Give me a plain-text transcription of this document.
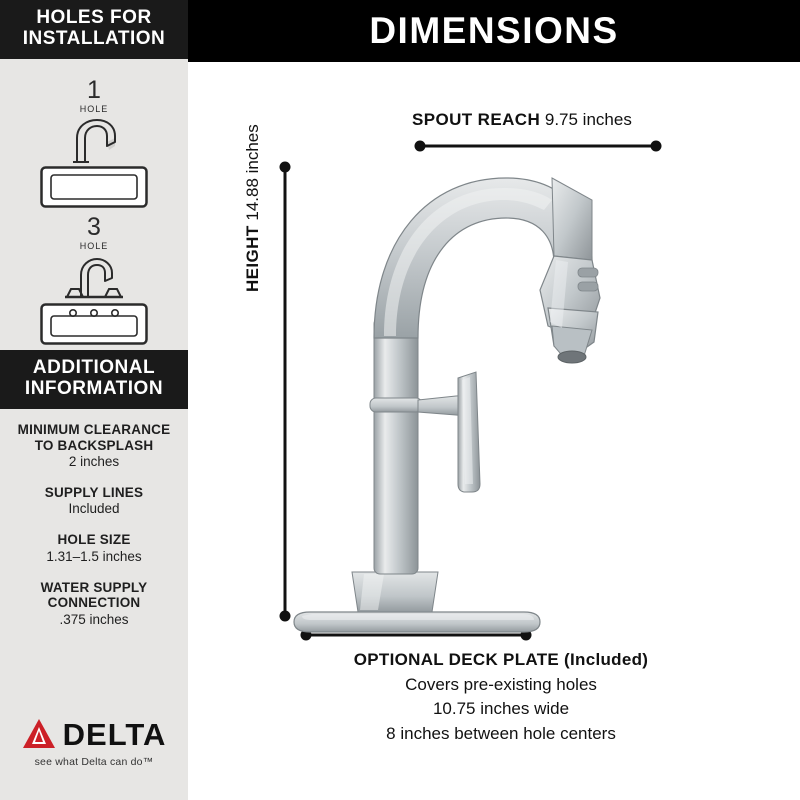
HOLES FOR
INSTALLATION
1
HOLE
3
HOLE
ADDITIONAL
INFORMATION
MINIMUM CLEARANCE
TO BACKSPLASH
2 inches
SUPPLY LINES
Included
HOLE SIZE
1.31–1.5 inches
WATER SUPPLY
CONNECTION
.375 inches
DELTA
see what Delta can do™
DIMENSIONS
SPOUT REACH 9.75 inches
HEIGHT 14.88 inches
OPTIONAL DECK PLATE (Included)
Covers pre-existing holes
10.75 inches wide
8 inches between hole centers
